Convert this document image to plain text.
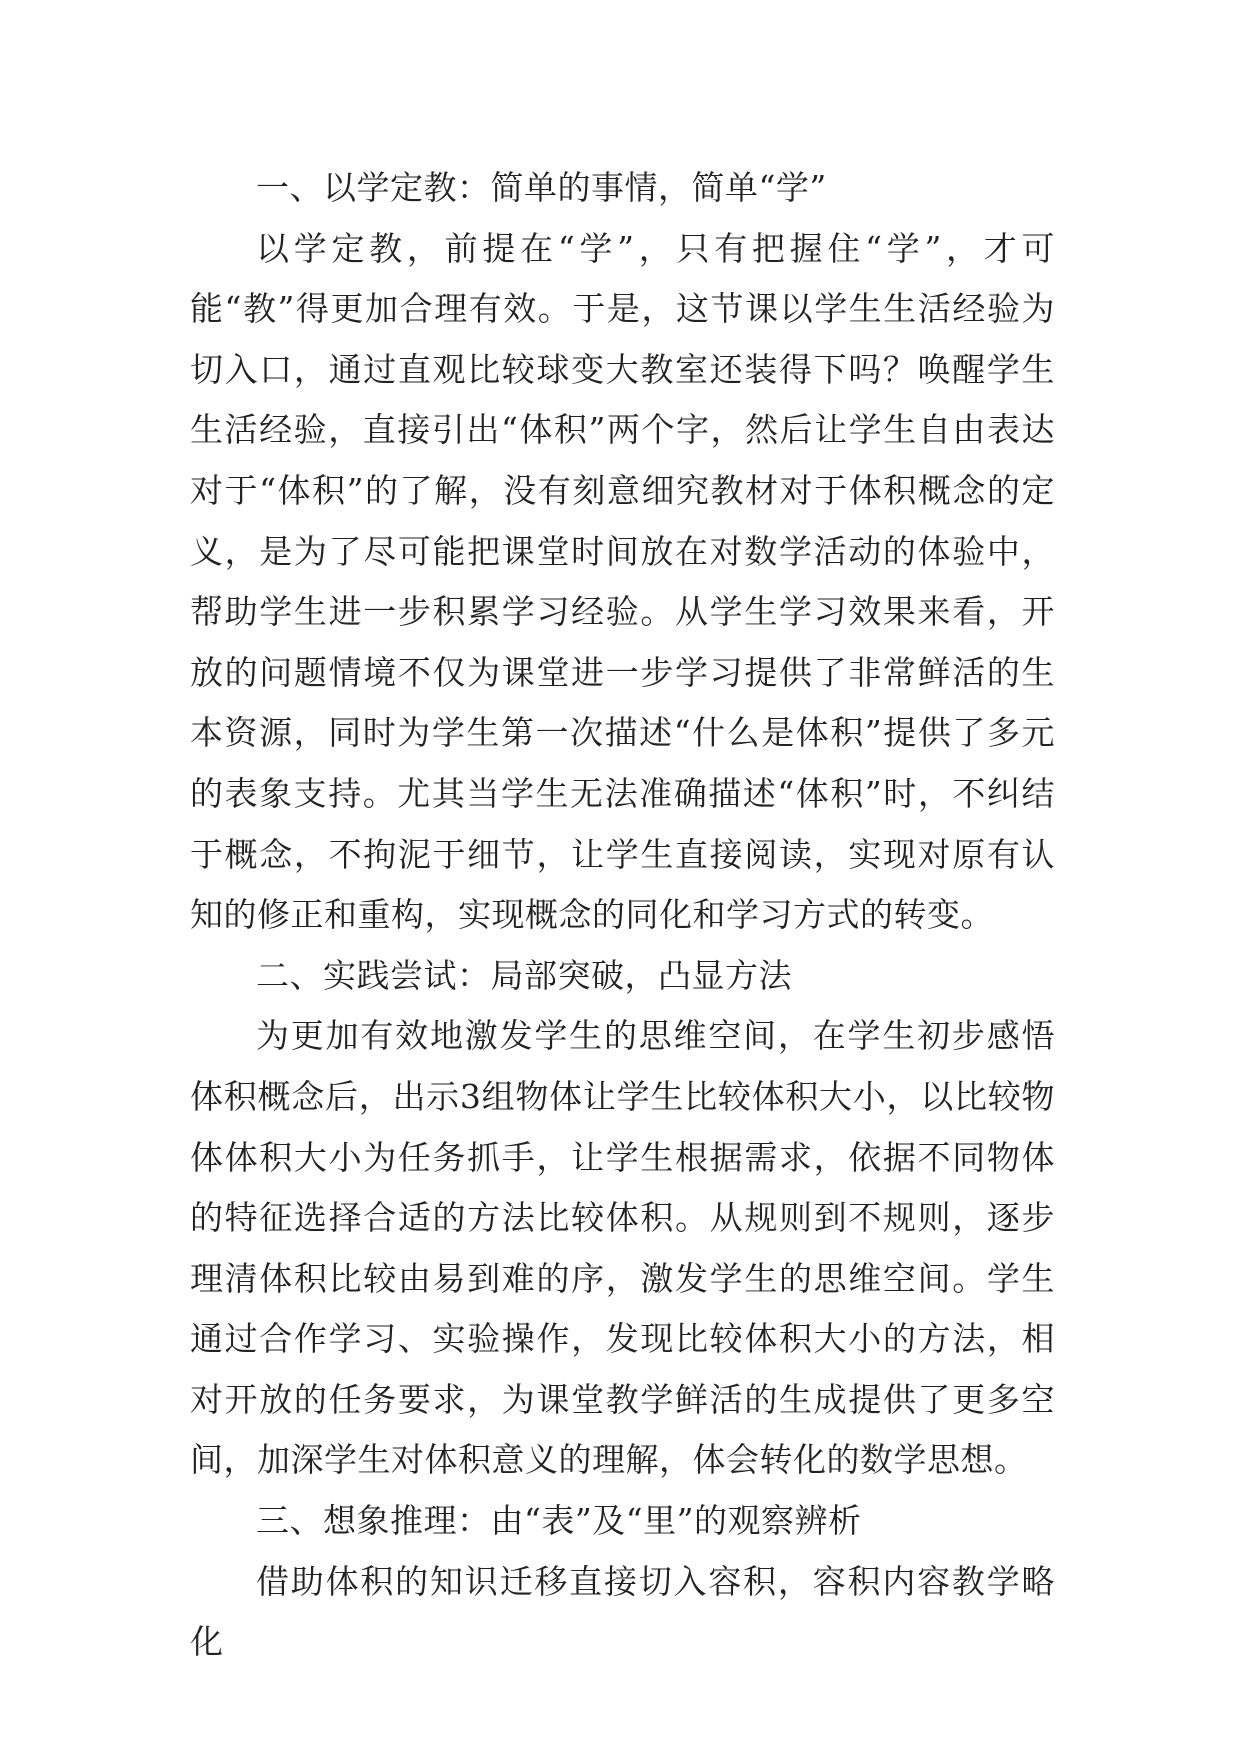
一、以学定教：简单的事情，简单“学”

以学定教，前提在“学”，只有把握住“学”，才可能“教”得更加合理有效。于是，这节课以学生生活经验为切入口，通过直观比较球变大教室还装得下吗？唤醒学生生活经验，直接引出“体积”两个字，然后让学生自由表达对于“体积”的了解，没有刻意细究教材对于体积概念的定义，是为了尽可能把课堂时间放在对数学活动的体验中，帮助学生进一步积累学习经验。从学生学习效果来看，开放的问题情境不仅为课堂进一步学习提供了非常鲜活的生本资源，同时为学生第一次描述“什么是体积”提供了多元的表象支持。尤其当学生无法准确描述“体积”时，不纠结于概念，不拘泥于细节，让学生直接阅读，实现对原有认知的修正和重构，实现概念的同化和学习方式的转变。

二、实践尝试：局部突破，凸显方法

为更加有效地激发学生的思维空间，在学生初步感悟体积概念后，出示3组物体让学生比较体积大小，以比较物体体积大小为任务抓手，让学生根据需求，依据不同物体的特征选择合适的方法比较体积。从规则到不规则，逐步理清体积比较由易到难的序，激发学生的思维空间。学生通过合作学习、实验操作，发现比较体积大小的方法，相对开放的任务要求，为课堂教学鲜活的生成提供了更多空间，加深学生对体积意义的理解，体会转化的数学思想。

三、想象推理：由“表”及“里”的观察辨析

借助体积的知识迁移直接切入容积，容积内容教学略化
